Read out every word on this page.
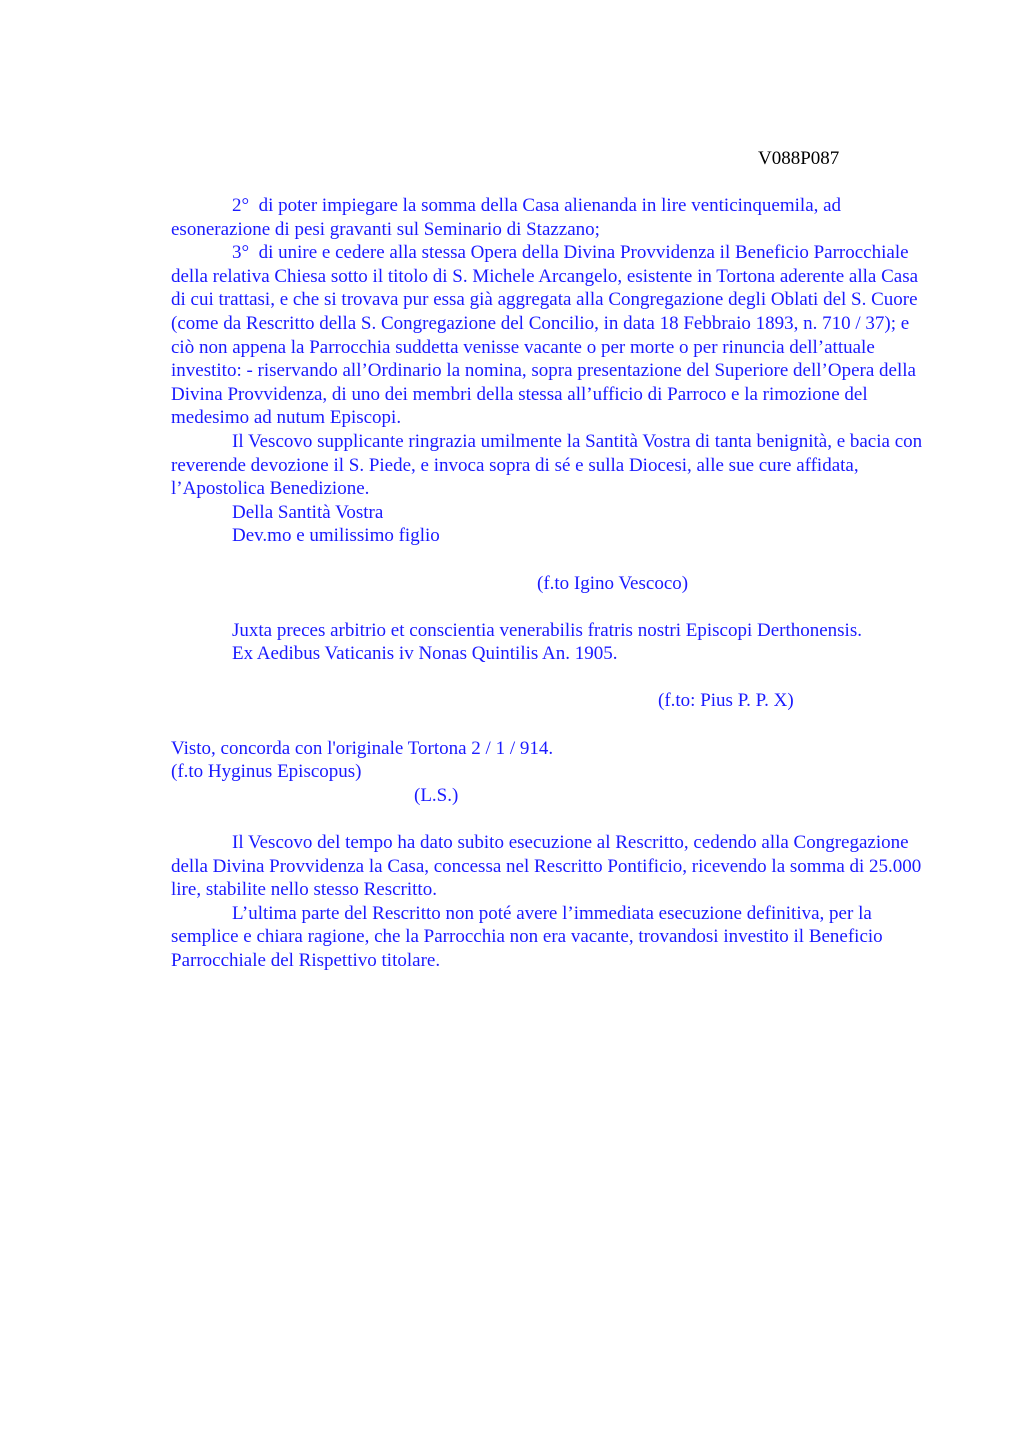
V088P087

2°  di poter impiegare la somma della Casa alienanda in lire venticinquemila, ad esonerazione di pesi gravanti sul Seminario di Stazzano;

3°  di unire e cedere alla stessa Opera della Divina Provvidenza il Beneficio Parrocchiale della relativa Chiesa sotto il titolo di S. Michele Arcangelo, esistente in Tortona aderente alla Casa di cui trattasi, e che si trovava pur essa già aggregata alla Congregazione degli Oblati del S. Cuore (come da Rescritto della S. Congregazione del Concilio, in data 18 Febbraio 1893, n. 710 / 37); e ciò non appena la Parrocchia suddetta venisse vacante o per morte o per rinuncia dell’attuale investito: - riservando all’Ordinario la nomina, sopra presentazione del Superiore dell’Opera della Divina Provvidenza, di uno dei membri della stessa all’ufficio di Parroco e la rimozione del medesimo ad nutum Episcopi.

Il Vescovo supplicante ringrazia umilmente la Santità Vostra di tanta benignità, e bacia con reverende devozione il S. Piede, e invoca sopra di sé e sulla Diocesi, alle sue cure affidata, l’Apostolica Benedizione.

Della Santità Vostra

Dev.mo e umilissimo figlio

(f.to Igino Vescoco)

Juxta preces arbitrio et conscientia venerabilis fratris nostri Episcopi Derthonensis.

Ex Aedibus Vaticanis iv Nonas Quintilis An. 1905.

(f.to: Pius P. P. X)

Visto, concorda con l'originale Tortona 2 / 1 / 914.

(f.to Hyginus Episcopus)

(L.S.)

Il Vescovo del tempo ha dato subito esecuzione al Rescritto, cedendo alla Congregazione della Divina Provvidenza la Casa, concessa nel Rescritto Pontificio, ricevendo la somma di 25.000 lire, stabilite nello stesso Rescritto.

L’ultima parte del Rescritto non poté avere l’immediata esecuzione definitiva, per la semplice e chiara ragione, che la Parrocchia non era vacante, trovandosi investito il Beneficio Parrocchiale del Rispettivo titolare.
